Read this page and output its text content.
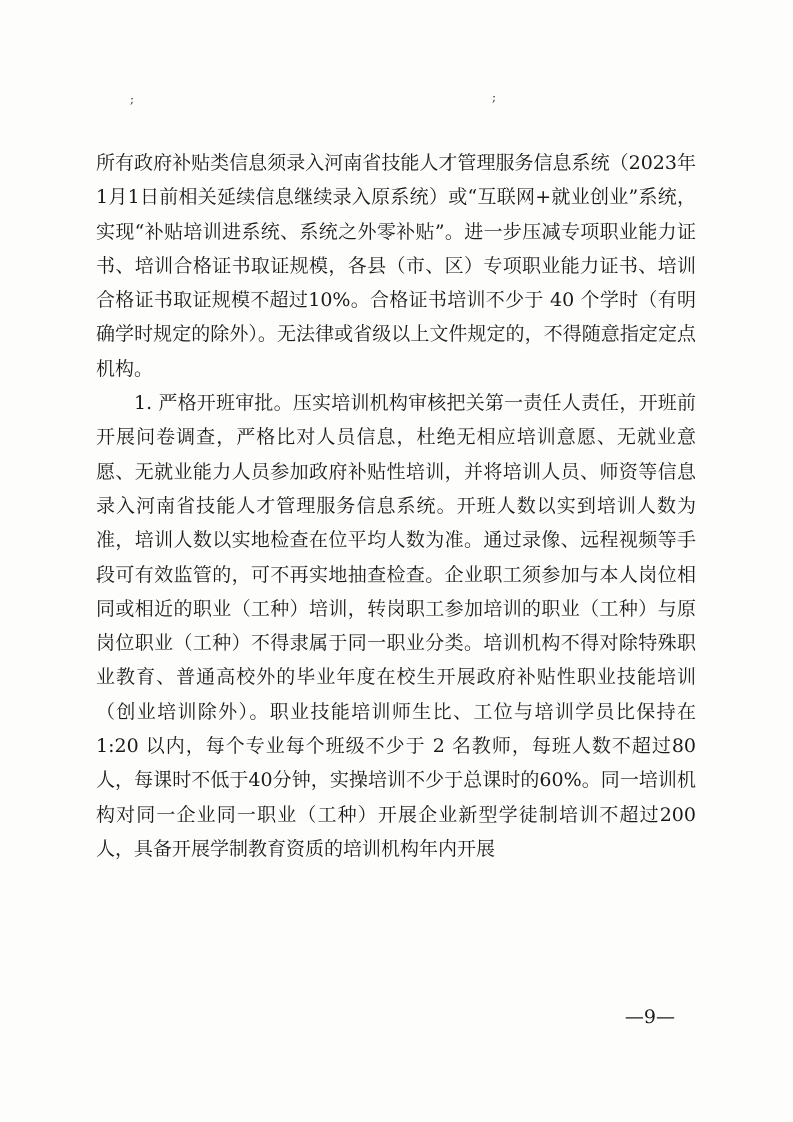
;	;

所有政府补贴类信息须录入河南省技能人才管理服务信息系统（2023年1月1日前相关延续信息继续录入原系统）或“互联网+就业创业”系统，实现“补贴培训进系统、系统之外零补贴”。进一步压减专项职业能力证书、培训合格证书取证规模，各县（市、区）专项职业能力证书、培训合格证书取证规模不超过10%。合格证书培训不少于 40 个学时（有明确学时规定的除外）。无法律或省级以上文件规定的，不得随意指定定点机构。

1. 严格开班审批。压实培训机构审核把关第一责任人责任，开班前开展问卷调查，严格比对人员信息，杜绝无相应培训意愿、无就业意愿、无就业能力人员参加政府补贴性培训，并将培训人员、师资等信息录入河南省技能人才管理服务信息系统。开班人数以实到培训人数为准，培训人数以实地检查在位平均人数为准。通过录像、远程视频等手段可有效监管的，可不再实地抽查检查。企业职工须参加与本人岗位相同或相近的职业（工种）培训，转岗职工参加培训的职业（工种）与原岗位职业（工种）不得隶属于同一职业分类。培训机构不得对除特殊职业教育、普通高校外的毕业年度在校生开展政府补贴性职业技能培训（创业培训除外）。职业技能培训师生比、工位与培训学员比保持在 1:20 以内，每个专业每个班级不少于 2 名教师，每班人数不超过80人，每课时不低于40分钟，实操培训不少于总课时的60%。同一培训机构对同一企业同一职业（工种）开展企业新型学徒制培训不超过200人，具备开展学制教育资质的培训机构年内开展

—9—
